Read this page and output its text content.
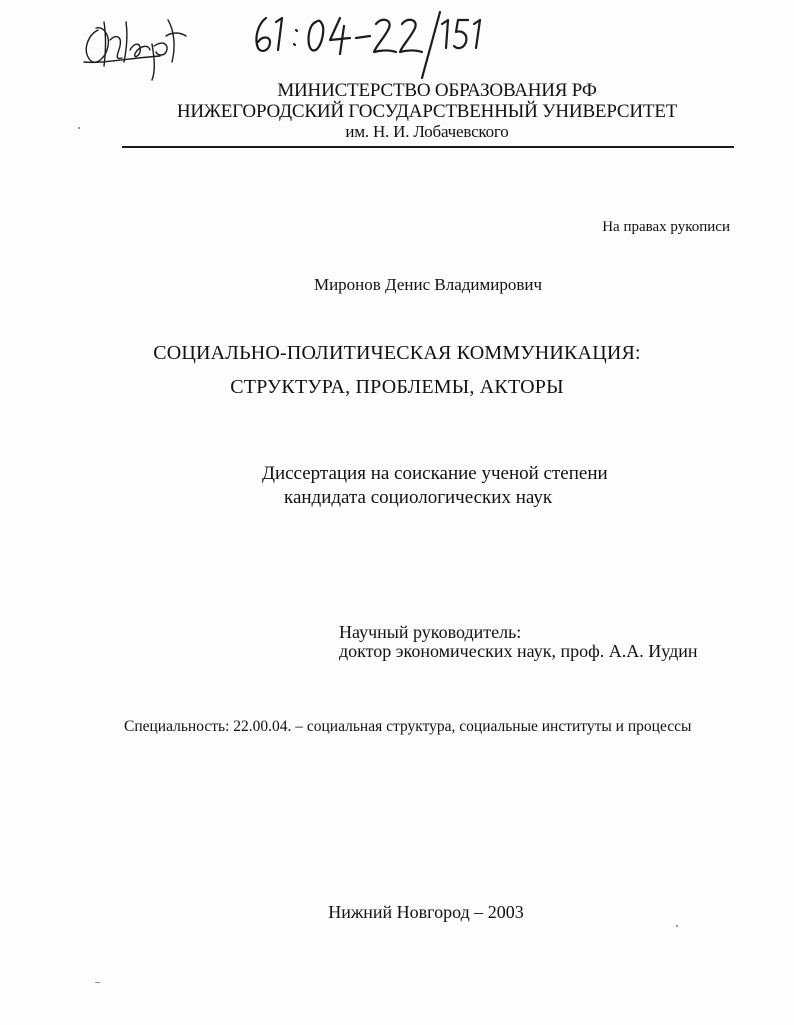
МИНИСТЕРСТВО ОБРАЗОВАНИЯ РФ
НИЖЕГОРОДСКИЙ ГОСУДАРСТВЕННЫЙ УНИВЕРСИТЕТ
им. Н. И. Лобачевского
На правах рукописи
Миронов Денис Владимирович
СОЦИАЛЬНО-ПОЛИТИЧЕСКАЯ КОММУНИКАЦИЯ:
СТРУКТУРА, ПРОБЛЕМЫ, АКТОРЫ
Диссертация на соискание ученой степени
кандидата социологических наук
Научный руководитель:
доктор экономических наук, проф. А.А. Иудин
Специальность: 22.00.04. – социальная структура, социальные институты и процессы
Нижний Новгород – 2003
